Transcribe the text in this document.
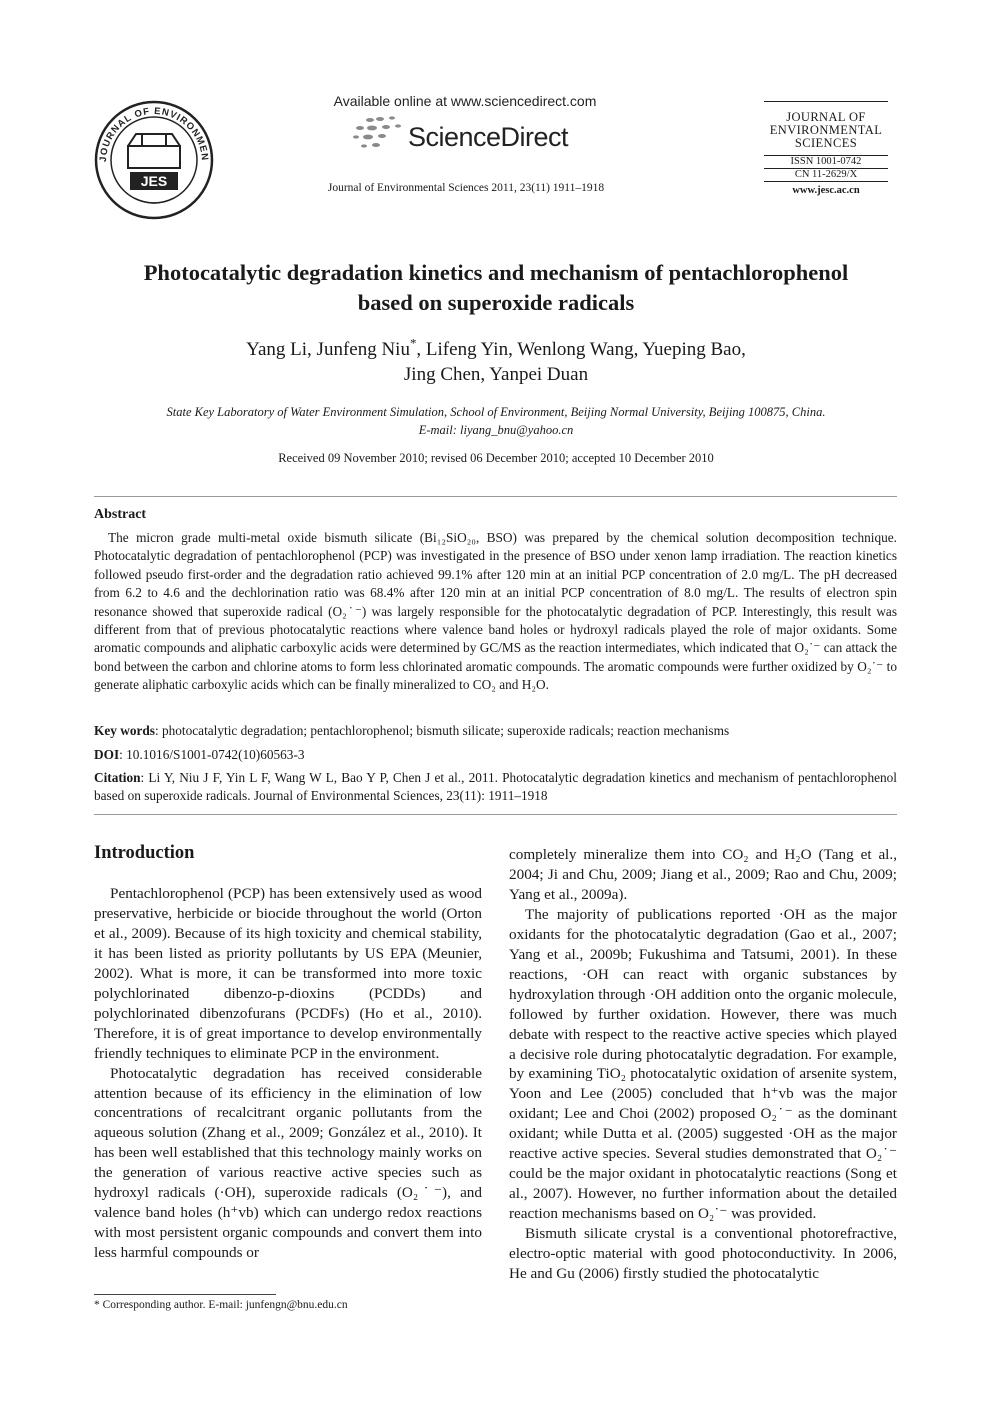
JOURNAL OF ENVIRONMEN
JES
Available online at www.sciencedirect.com
ScienceDirect
Journal of Environmental Sciences 2011, 23(11) 1911–1918
JOURNAL OF
ENVIRONMENTAL
SCIENCES
ISSN 1001-0742
CN 11-2629/X
www.jesc.ac.cn
Photocatalytic degradation kinetics and mechanism of pentachlorophenol
based on superoxide radicals
Yang Li, Junfeng Niu*, Lifeng Yin, Wenlong Wang, Yueping Bao,
Jing Chen, Yanpei Duan
State Key Laboratory of Water Environment Simulation, School of Environment, Beijing Normal University, Beijing 100875, China.
E-mail: liyang_bnu@yahoo.cn
Received 09 November 2010; revised 06 December 2010; accepted 10 December 2010
Abstract
The micron grade multi-metal oxide bismuth silicate (Bi₁₂SiO₂₀, BSO) was prepared by the chemical solution decomposition technique. Photocatalytic degradation of pentachlorophenol (PCP) was investigated in the presence of BSO under xenon lamp irradiation. The reaction kinetics followed pseudo first-order and the degradation ratio achieved 99.1% after 120 min at an initial PCP concentration of 2.0 mg/L. The pH decreased from 6.2 to 4.6 and the dechlorination ratio was 68.4% after 120 min at an initial PCP concentration of 8.0 mg/L. The results of electron spin resonance showed that superoxide radical (O₂˙⁻) was largely responsible for the photocatalytic degradation of PCP. Interestingly, this result was different from that of previous photocatalytic reactions where valence band holes or hydroxyl radicals played the role of major oxidants. Some aromatic compounds and aliphatic carboxylic acids were determined by GC/MS as the reaction intermediates, which indicated that O₂˙⁻ can attack the bond between the carbon and chlorine atoms to form less chlorinated aromatic compounds. The aromatic compounds were further oxidized by O₂˙⁻ to generate aliphatic carboxylic acids which can be finally mineralized to CO₂ and H₂O.
Key words: photocatalytic degradation; pentachlorophenol; bismuth silicate; superoxide radicals; reaction mechanisms
DOI: 10.1016/S1001-0742(10)60563-3
Citation: Li Y, Niu J F, Yin L F, Wang W L, Bao Y P, Chen J et al., 2011. Photocatalytic degradation kinetics and mechanism of pentachlorophenol based on superoxide radicals. Journal of Environmental Sciences, 23(11): 1911–1918
Introduction

Pentachlorophenol (PCP) has been extensively used as wood preservative, herbicide or biocide throughout the world (Orton et al., 2009). Because of its high toxicity and chemical stability, it has been listed as priority pollutants by US EPA (Meunier, 2002). What is more, it can be transformed into more toxic polychlorinated dibenzo-p-dioxins (PCDDs) and polychlorinated dibenzofurans (PCDFs) (Ho et al., 2010). Therefore, it is of great importance to develop environmentally friendly techniques to eliminate PCP in the environment.

Photocatalytic degradation has received considerable attention because of its efficiency in the elimination of low concentrations of recalcitrant organic pollutants from the aqueous solution (Zhang et al., 2009; González et al., 2010). It has been well established that this technology mainly works on the generation of various reactive active species such as hydroxyl radicals (·OH), superoxide radicals (O₂˙⁻), and valence band holes (h⁺vb) which can undergo redox reactions with most persistent organic compounds and convert them into less harmful compounds or

completely mineralize them into CO₂ and H₂O (Tang et al., 2004; Ji and Chu, 2009; Jiang et al., 2009; Rao and Chu, 2009; Yang et al., 2009a).

The majority of publications reported ·OH as the major oxidants for the photocatalytic degradation (Gao et al., 2007; Yang et al., 2009b; Fukushima and Tatsumi, 2001). In these reactions, ·OH can react with organic substances by hydroxylation through ·OH addition onto the organic molecule, followed by further oxidation. However, there was much debate with respect to the reactive active species which played a decisive role during photocatalytic degradation. For example, by examining TiO₂ photocatalytic oxidation of arsenite system, Yoon and Lee (2005) concluded that h⁺vb was the major oxidant; Lee and Choi (2002) proposed O₂˙⁻ as the dominant oxidant; while Dutta et al. (2005) suggested ·OH as the major reactive active species. Several studies demonstrated that O₂˙⁻ could be the major oxidant in photocatalytic reactions (Song et al., 2007). However, no further information about the detailed reaction mechanisms based on O₂˙⁻ was provided.

Bismuth silicate crystal is a conventional photorefractive, electro-optic material with good photoconductivity. In 2006, He and Gu (2006) firstly studied the photocatalytic

* Corresponding author. E-mail: junfengn@bnu.edu.cn
